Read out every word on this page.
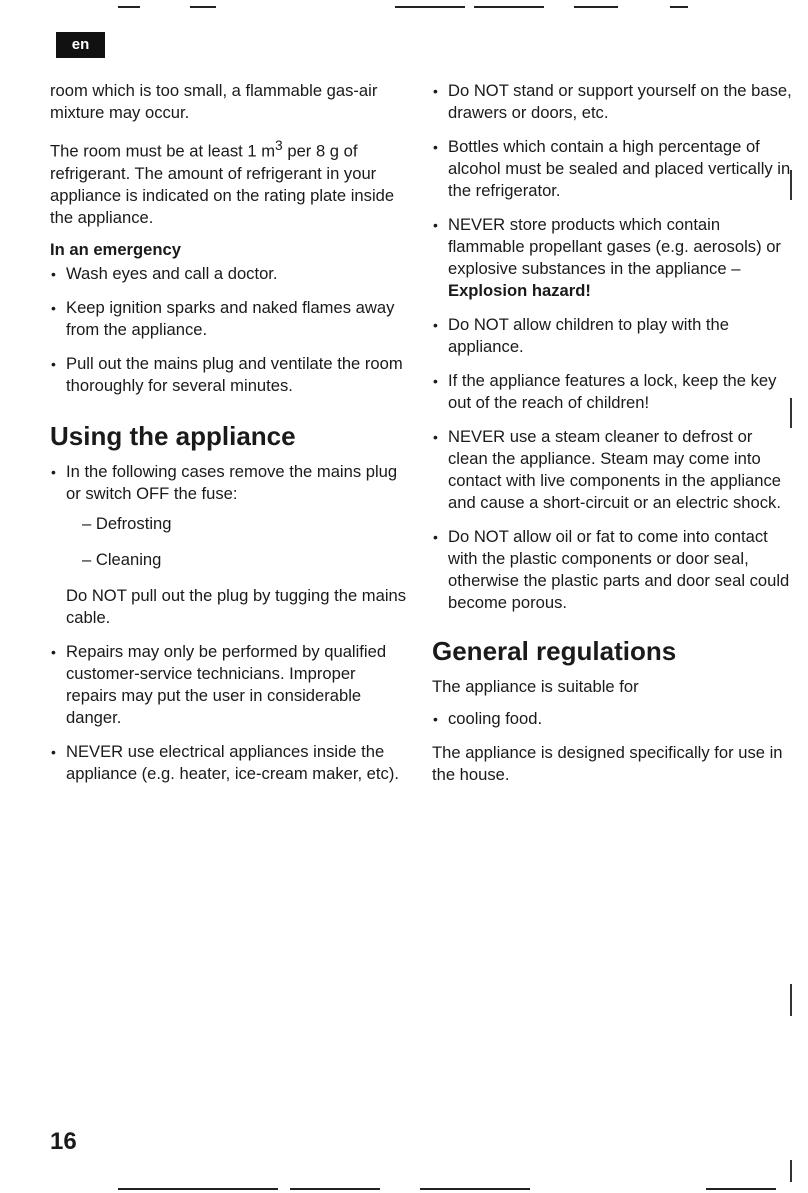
en

room which is too small, a flammable gas-air mixture may occur.

The room must be at least 1 $m^3$ per 8 g of refrigerant. The amount of refrigerant in your appliance is indicated on the rating plate inside the appliance.

In an emergency
• Wash eyes and call a doctor.
• Keep ignition sparks and naked flames away from the appliance.
• Pull out the mains plug and ventilate the room thoroughly for several minutes.
Using the appliance
• In the following cases remove the mains plug or switch OFF the fuse:
– Defrosting
– Cleaning
Do NOT pull out the plug by tugging the mains cable.
• Repairs may only be performed by qualified customer-service technicians. Improper repairs may put the user in considerable danger.
• NEVER use electrical appliances inside the appliance (e.g. heater, ice-cream maker, etc).
• Do NOT stand or support yourself on the base, drawers or doors, etc.
• Bottles which contain a high percentage of alcohol must be sealed and placed vertically in the refrigerator.
• NEVER store products which contain flammable propellant gases (e.g. aerosols) or explosive substances in the appliance – Explosion hazard!
• Do NOT allow children to play with the appliance.
• If the appliance features a lock, keep the key out of the reach of children!
• NEVER use a steam cleaner to defrost or clean the appliance. Steam may come into contact with live components in the appliance and cause a short-circuit or an electric shock.
• Do NOT allow oil or fat to come into contact with the plastic components or door seal, otherwise the plastic parts and door seal could become porous.
General regulations

The appliance is suitable for

• cooling food.

The appliance is designed specifically for use in the house.

16
